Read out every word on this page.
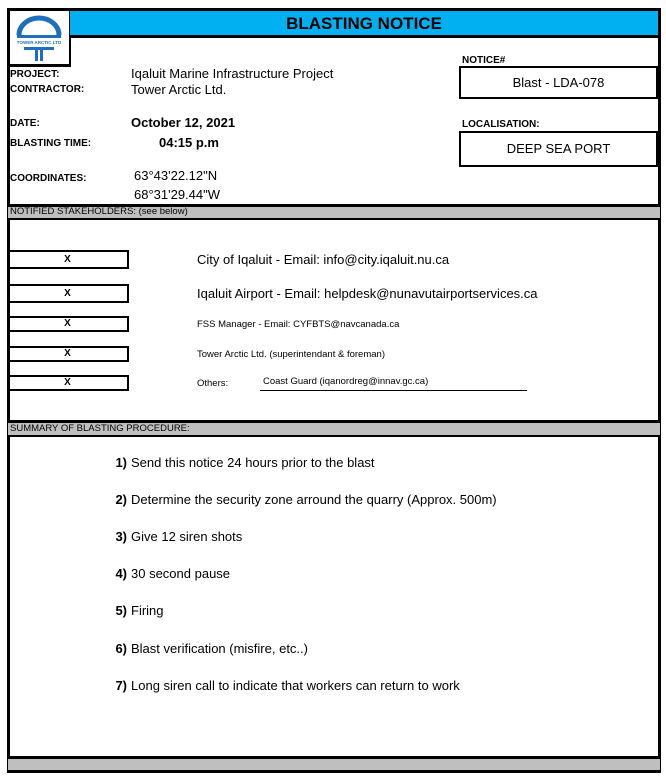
TOWER ARCTIC LTD
BLASTING NOTICE
PROJECT:	Iqaluit Marine Infrastructure Project
CONTRACTOR:	Tower Arctic Ltd.
DATE:	October 12, 2021
BLASTING TIME:	04:15 p.m
COORDINATES:	63°43'22.12"N
68°31'29.44"W
NOTICE#
Blast - LDA-078
LOCALISATION:
DEEP SEA PORT
NOTIFIED STAKEHOLDERS: (see below)
X	City of Iqaluit - Email: info@city.iqaluit.nu.ca
X	Iqaluit Airport - Email: helpdesk@nunavutairportservices.ca
X	FSS Manager - Email: CYFBTS@navcanada.ca
X	Tower Arctic Ltd. (superintendant & foreman)
X	Others:	Coast Guard (iqanordreg@innav.gc.ca)
SUMMARY OF BLASTING PROCEDURE:
1) Send this notice 24 hours prior to the blast
2) Determine the security zone arround the quarry (Approx. 500m)
3) Give 12 siren shots
4) 30 second pause
5) Firing
6) Blast verification (misfire, etc..)
7) Long siren call to indicate that workers can return to work
